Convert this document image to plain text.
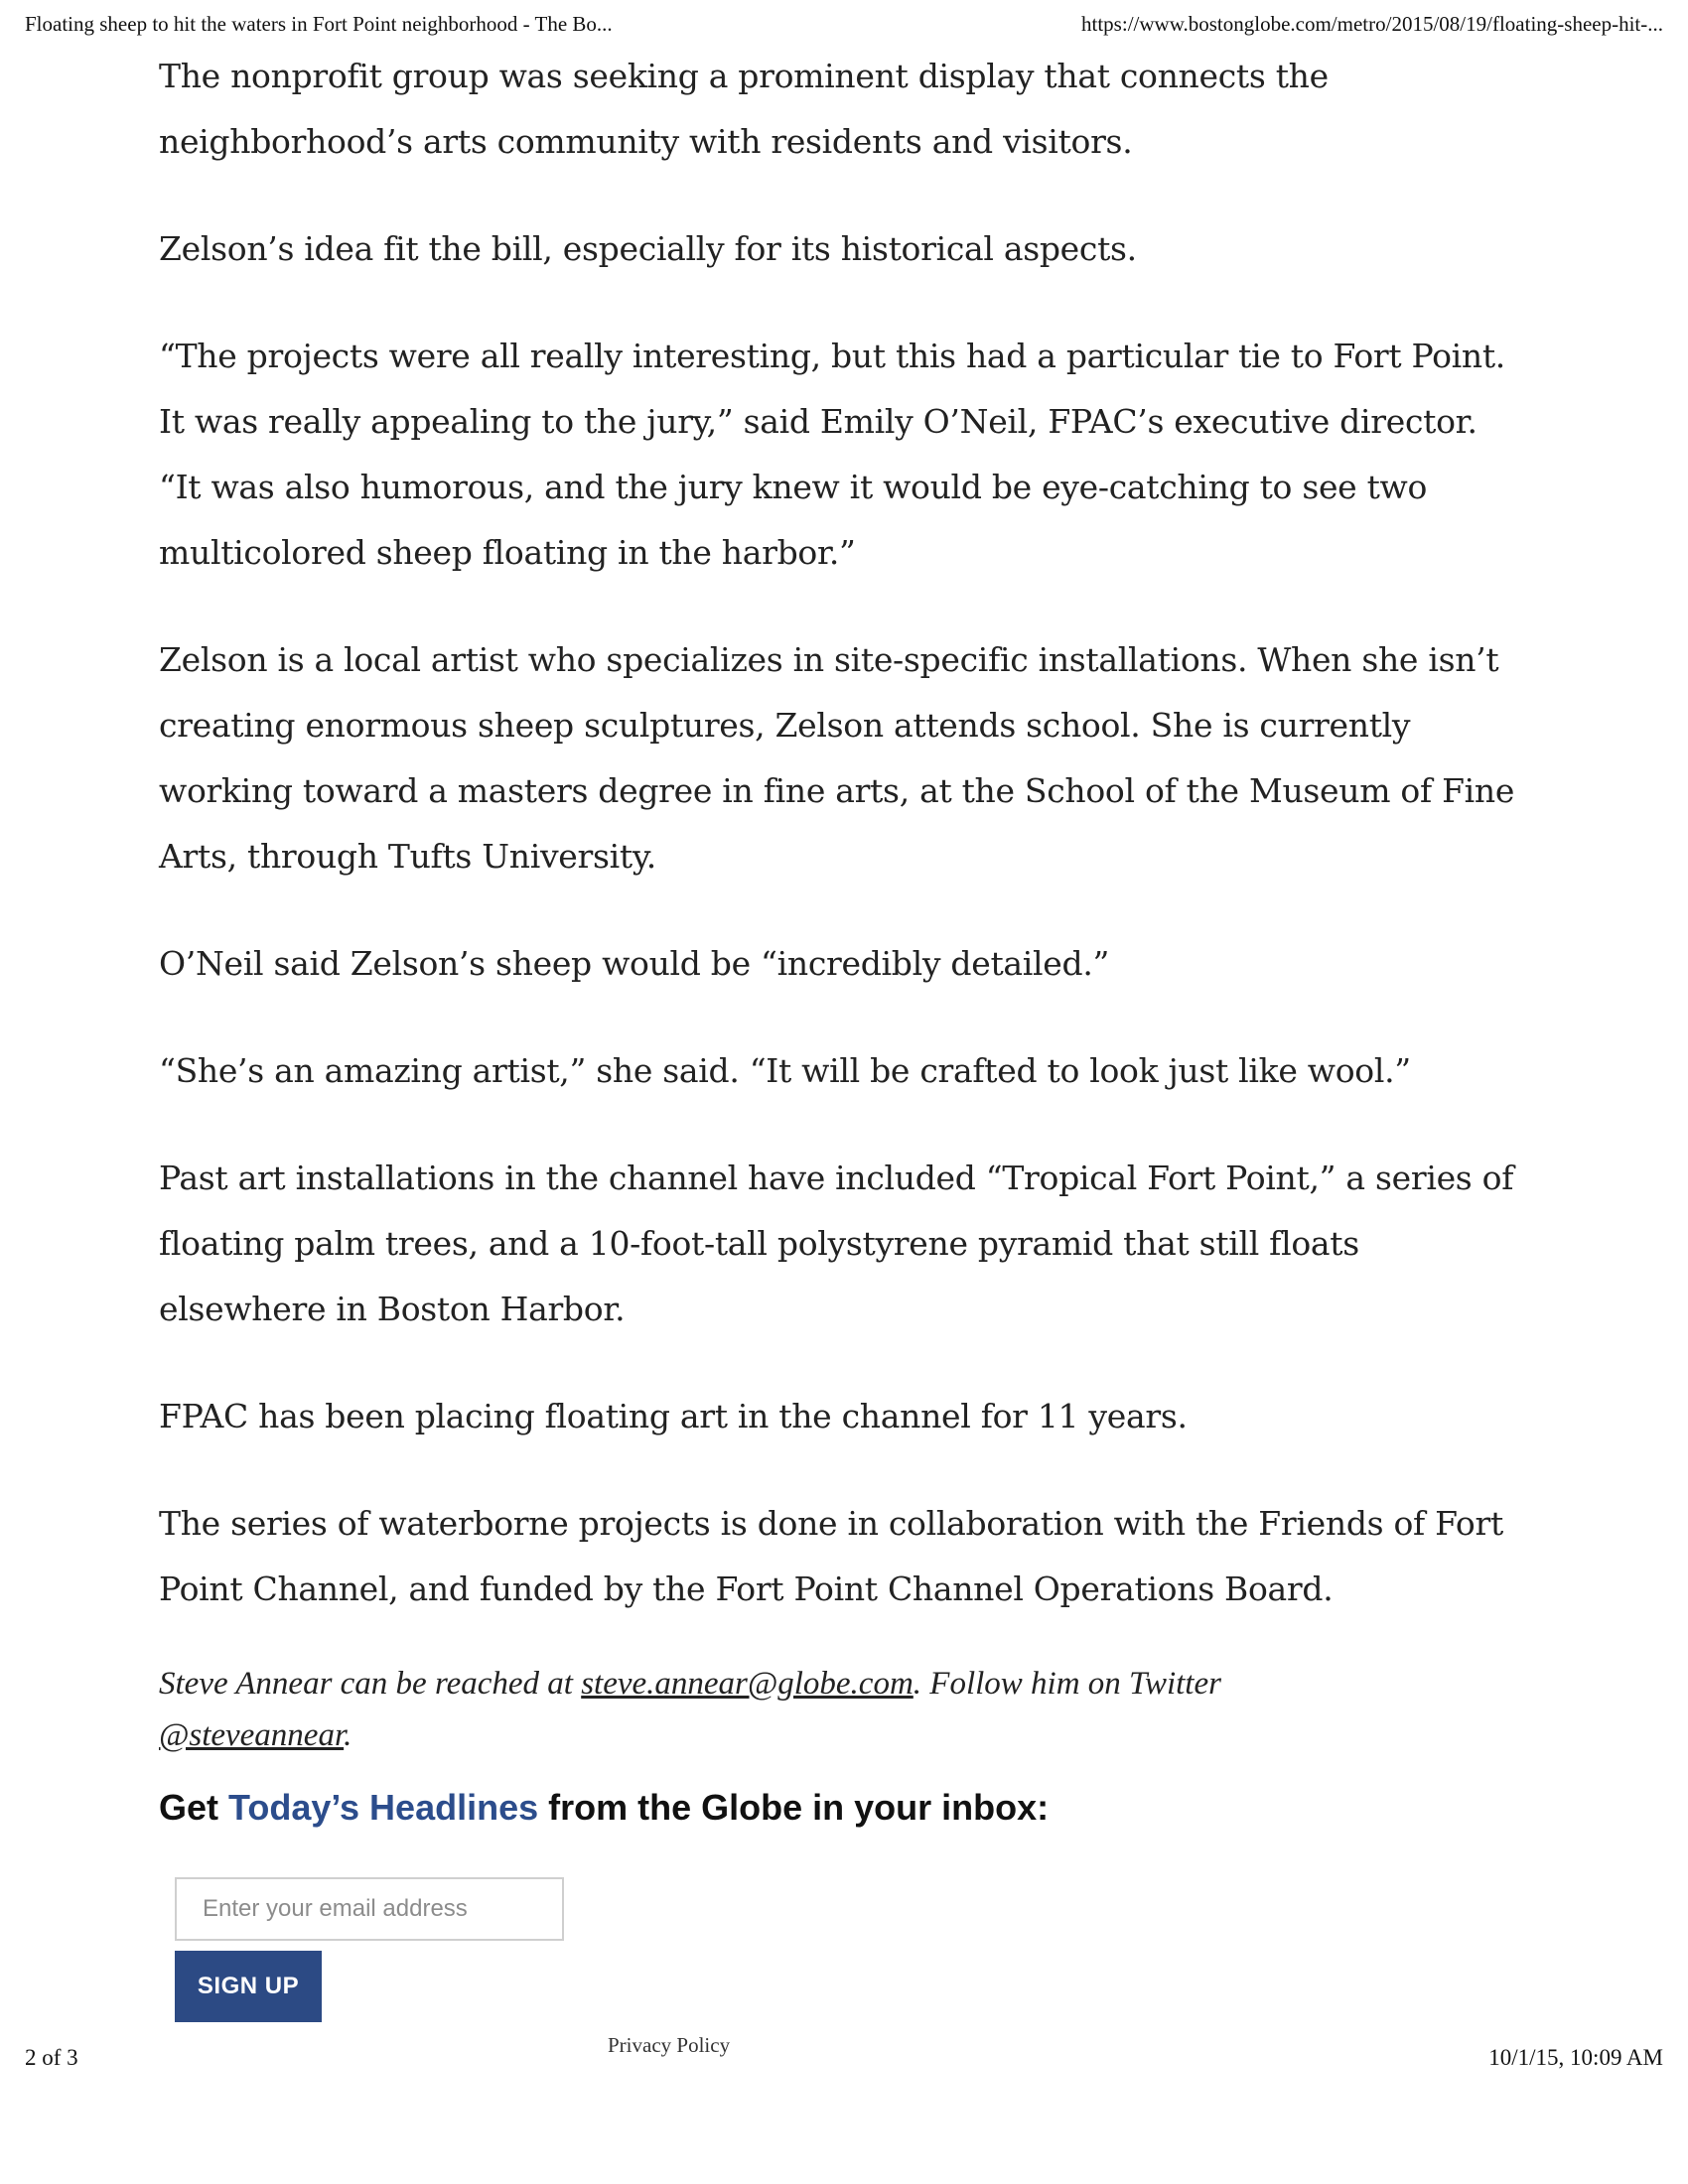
Floating sheep to hit the waters in Fort Point neighborhood - The Bo...	https://www.bostonglobe.com/metro/2015/08/19/floating-sheep-hit-...
The nonprofit group was seeking a prominent display that connects the
neighborhood’s arts community with residents and visitors.
Zelson’s idea fit the bill, especially for its historical aspects.
“The projects were all really interesting, but this had a particular tie to Fort Point.
It was really appealing to the jury,” said Emily O’Neil, FPAC’s executive director.
“It was also humorous, and the jury knew it would be eye-catching to see two
multicolored sheep floating in the harbor.”
Zelson is a local artist who specializes in site-specific installations. When she isn’t
creating enormous sheep sculptures, Zelson attends school. She is currently
working toward a masters degree in fine arts, at the School of the Museum of Fine
Arts, through Tufts University.
O’Neil said Zelson’s sheep would be “incredibly detailed.”
“She’s an amazing artist,” she said. “It will be crafted to look just like wool.”
Past art installations in the channel have included “Tropical Fort Point,” a series of
floating palm trees, and a 10-foot-tall polystyrene pyramid that still floats
elsewhere in Boston Harbor.
FPAC has been placing floating art in the channel for 11 years.
The series of waterborne projects is done in collaboration with the Friends of Fort
Point Channel, and funded by the Fort Point Channel Operations Board.
Steve Annear can be reached at steve.annear@globe.com. Follow him on Twitter
@steveannear.
Get Today’s Headlines from the Globe in your inbox:
Enter your email address
SIGN UP
2 of 3	Privacy Policy	10/1/15, 10:09 AM
